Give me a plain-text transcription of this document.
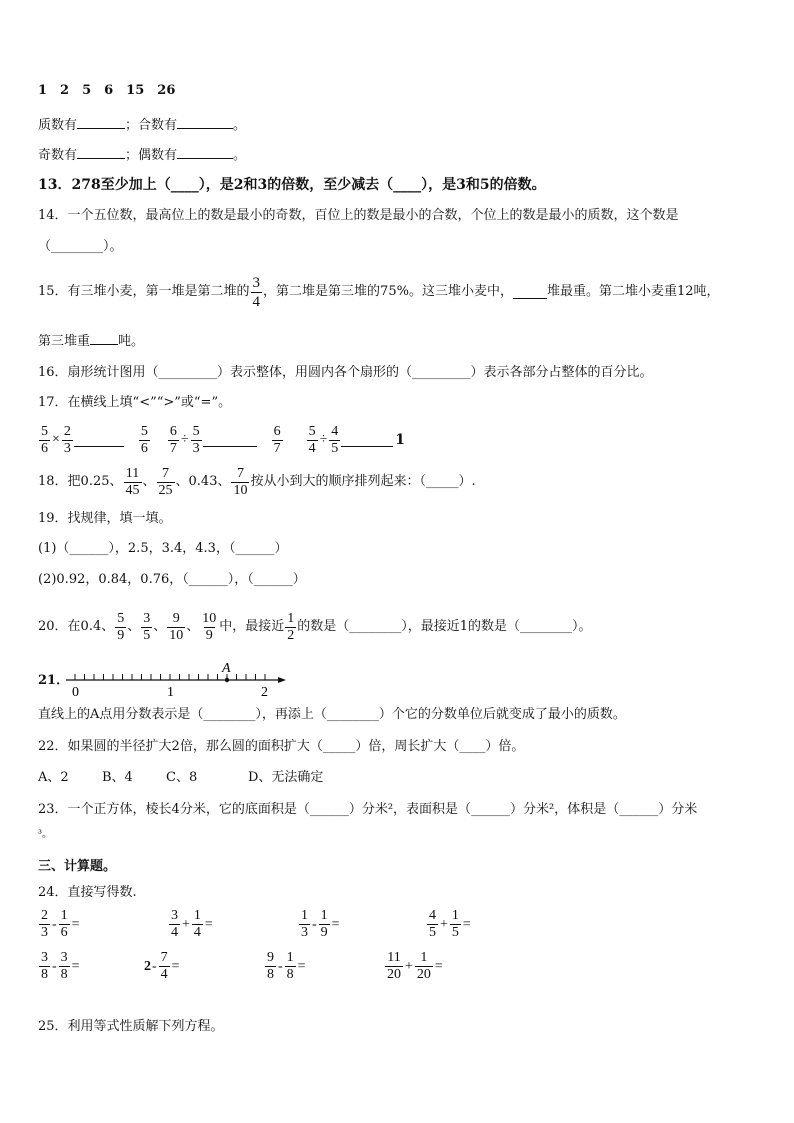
1　2　5　6　15　26
质数有	；合数有	。
奇数有	；偶数有	。
13．278至少加上（____），是2和3的倍数，至少减去（____），是3和5的倍数。
14．一个五位数，最高位上的数是最小的奇数，百位上的数是最小的合数，个位上的数是最小的质数，这个数是
（________）。
15．有三堆小麦，第一堆是第二堆的 $\frac{3}{4}$ ，第二堆是第三堆的75%。这三堆小麦中，	堆最重。第二堆小麦重12吨，
第三堆重 吨。
16．扇形统计图用（_________）表示整体，用圆内各个扇形的（_________）表示各部分占整体的百分比。
17．在横线上填“<”“>”或“=”。
$\frac{5}{6} \times \frac{2}{3}$	$\frac{5}{6} \frac{6}{7} \div \frac{5}{3}$	$\frac{6}{7} \frac{5}{4} \div \frac{4}{5}$	1
18．把0.25、 $\frac{11}{45}$ 、 $\frac{7}{25}$ 、0.43、 $\frac{7}{10}$ 按从小到大的顺序排列起来：（_____）.
19．找规律，填一填。
(1)（______），2.5，3.4，4.3，（______）
(2)0.92，0.84，0.76，（______），（______）
20．在0.4、 $\frac{5}{9}$ 、 $\frac{3}{5}$ 、 $\frac{9}{10}$ 、 $\frac{10}{9}$ 中，最接近 $\frac{1}{2}$ 的数是（________），最接近1的数是（________）。
21．
A
0	1	2
直线上的A点用分数表示是（________），再添上（________）个它的分数单位后就变成了最小的质数。
22．如果圆的半径扩大2倍，那么圆的面积扩大（_____）倍，周长扩大（____）倍。
A、2	B、4	C、8	D、无法确定
23．一个正方体，棱长4分米，它的底面积是（______）分米²，表面积是（______）分米²，体积是（______）分米
³。
三、计算题。
24．直接写得数.
$\frac{2}{3} - \frac{1}{6}$ =	$\frac{3}{4} + \frac{1}{4}$ =	$\frac{1}{3} - \frac{1}{9}$ =	$\frac{4}{5} + \frac{1}{5}$ =
$\frac{3}{8} - \frac{3}{8}$ =	$2 - \frac{7}{4}$ =	$\frac{9}{8} - \frac{1}{8}$ =	$\frac{11}{20} + \frac{1}{20}$ =
25．利用等式性质解下列方程。
